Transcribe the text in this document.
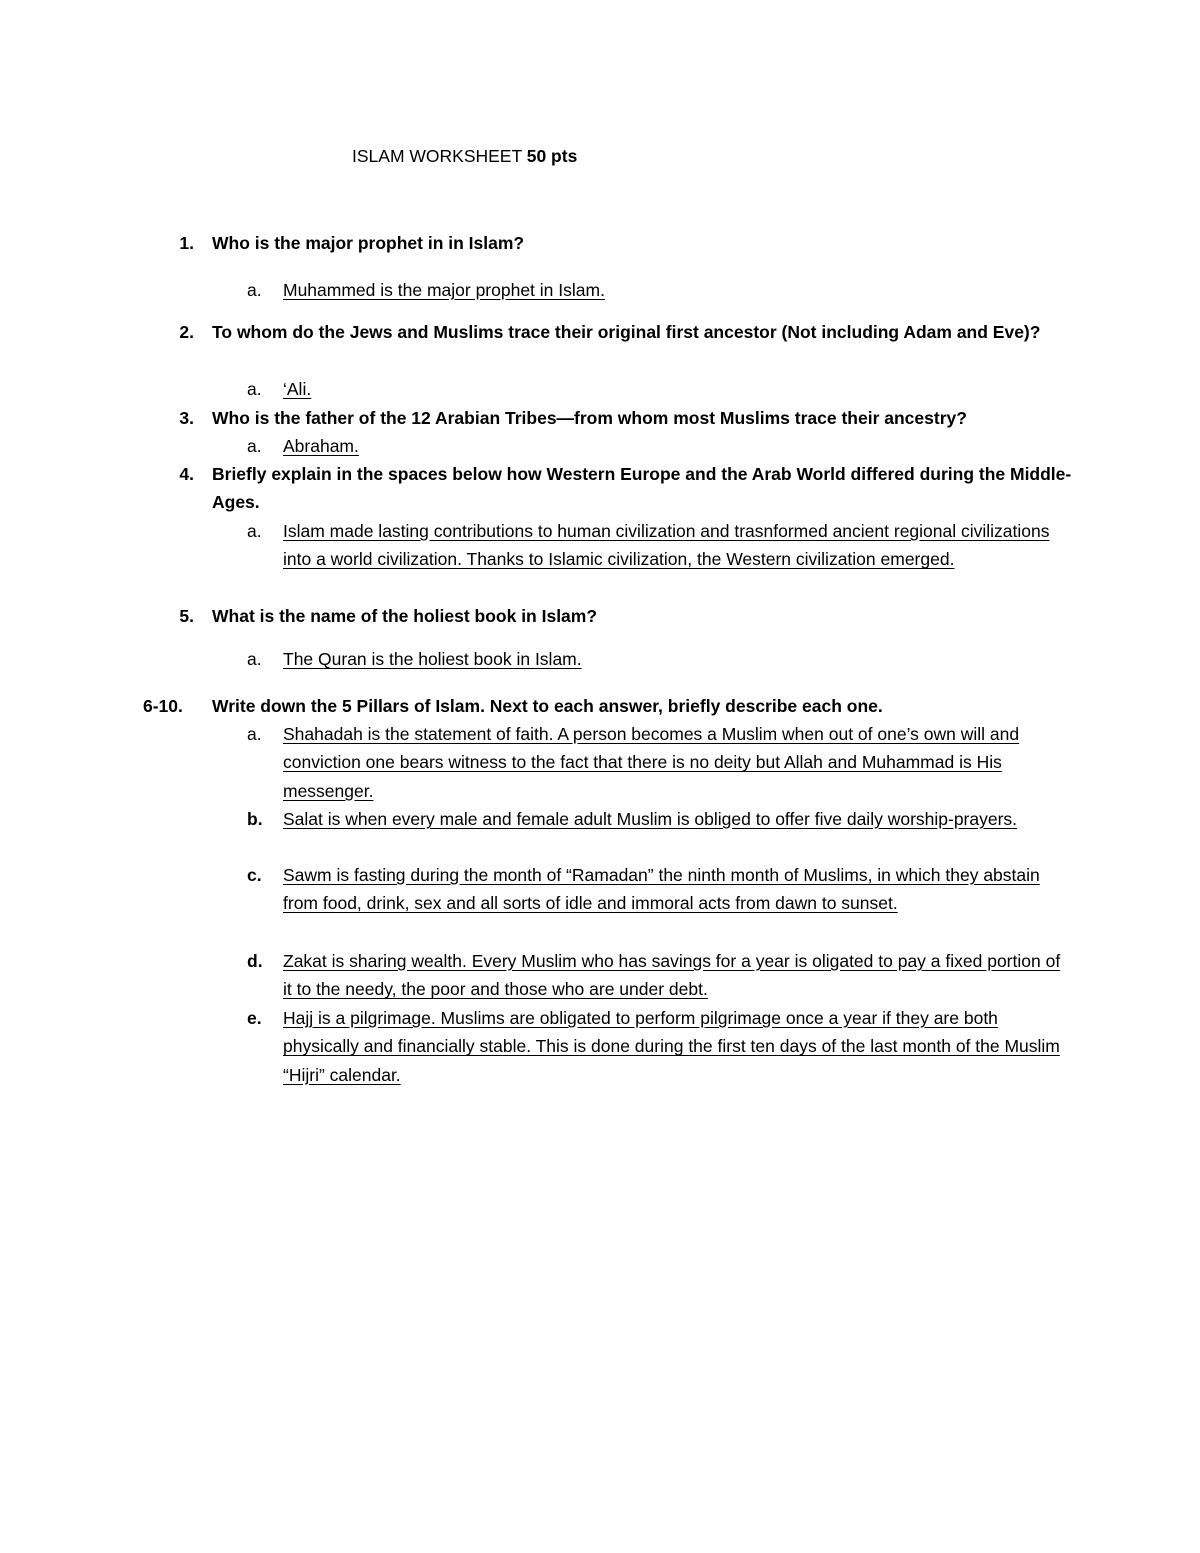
ISLAM WORKSHEET 50 pts
1. Who is the major prophet in in Islam?
a. Muhammed is the major prophet in Islam.
2. To whom do the Jews and Muslims trace their original first ancestor (Not including Adam and Eve)?
a. ‘Ali.
3. Who is the father of the 12 Arabian Tribes—from whom most Muslims trace their ancestry?
a. Abraham.
4. Briefly explain in the spaces below how Western Europe and the Arab World differed during the Middle-Ages.
a. Islam made lasting contributions to human civilization and trasnformed ancient regional civilizations into a world civilization. Thanks to Islamic civilization, the Western civilization emerged.
5. What is the name of the holiest book in Islam?
a. The Quran is the holiest book in Islam.
6-10.	Write down the 5 Pillars of Islam. Next to each answer, briefly describe each one.
a. Shahadah is the statement of faith. A person becomes a Muslim when out of one’s own will and conviction one bears witness to the fact that there is no deity but Allah and Muhammad is His messenger.
b. Salat is when every male and female adult Muslim is obliged to offer five daily worship-prayers.
c. Sawm is fasting during the month of “Ramadan” the ninth month of Muslims, in which they abstain from food, drink, sex and all sorts of idle and immoral acts from dawn to sunset.
d. Zakat is sharing wealth. Every Muslim who has savings for a year is oligated to pay a fixed portion of it to the needy, the poor and those who are under debt.
e. Hajj is a pilgrimage. Muslims are obligated to perform pilgrimage once a year if they are both physically and financially stable. This is done during the first ten days of the last month of the Muslim “Hijri” calendar.
